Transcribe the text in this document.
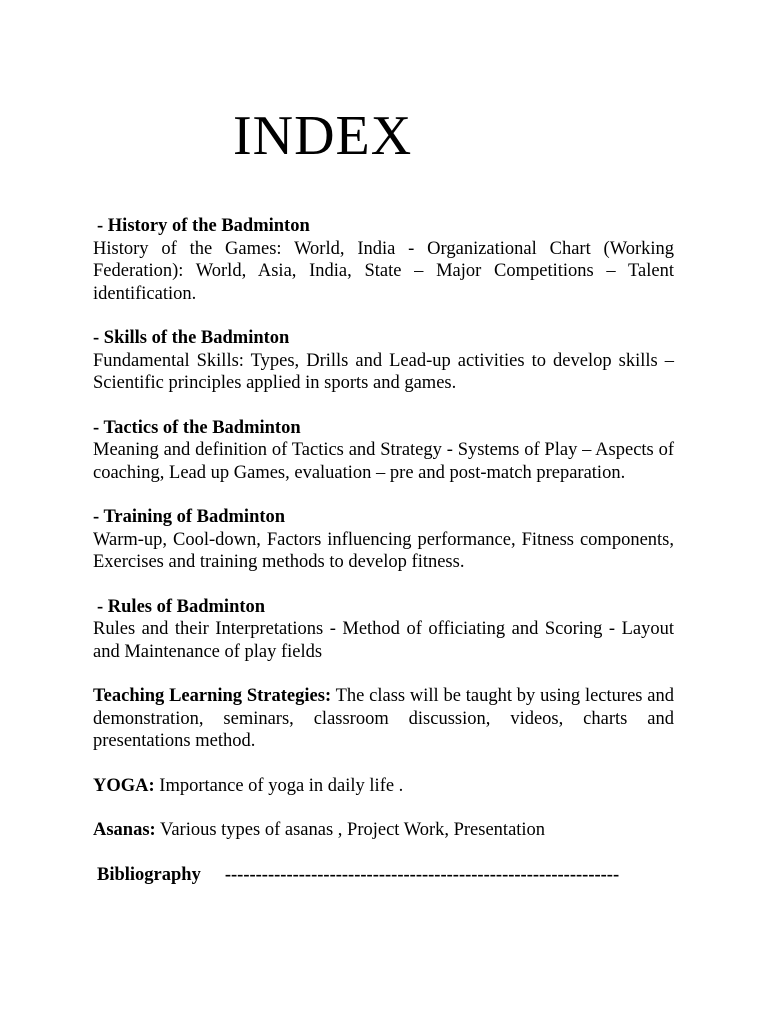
INDEX
- History of the Badminton
History of the Games: World, India - Organizational Chart (Working Federation): World, Asia, India, State – Major Competitions – Talent identification.
- Skills of the Badminton
Fundamental Skills: Types, Drills and Lead-up activities to develop skills – Scientific principles applied in sports and games.
- Tactics of the Badminton
Meaning and definition of Tactics and Strategy - Systems of Play – Aspects of coaching, Lead up Games, evaluation – pre and post-match preparation.
- Training of Badminton
Warm-up, Cool-down, Factors influencing performance, Fitness components, Exercises and training methods to develop fitness.
- Rules of Badminton
Rules and their Interpretations - Method of officiating and Scoring - Layout and Maintenance of play fields

Teaching Learning Strategies: The class will be taught by using lectures and demonstration, seminars, classroom discussion, videos, charts and presentations method.

YOGA: Importance of yoga in daily life .

Asanas: Various types of asanas , Project Work, Presentation

Bibliography ----------------------------------------------------------------
